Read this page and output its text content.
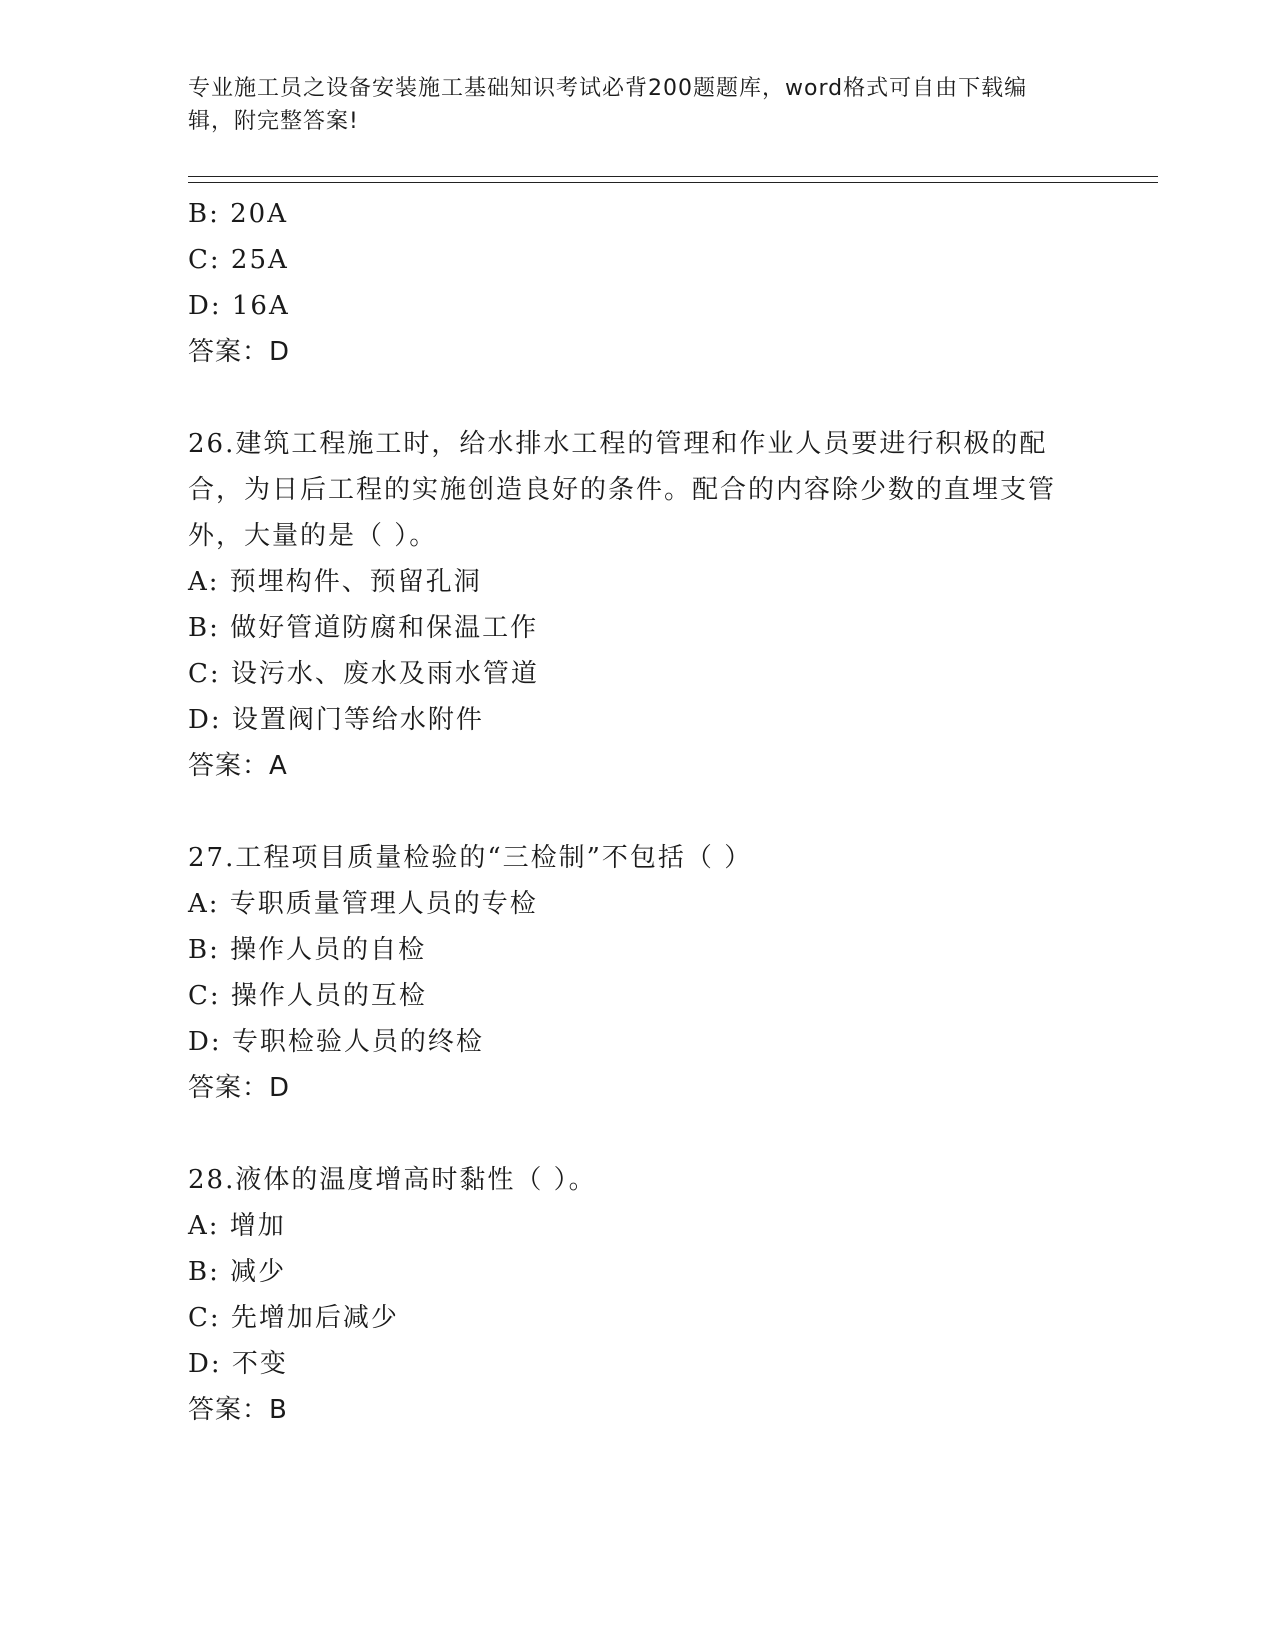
专业施工员之设备安装施工基础知识考试必背200题题库，word格式可自由下载编辑，附完整答案!

B: 20A

C: 25A

D: 16A

答案：D

26.建筑工程施工时，给水排水工程的管理和作业人员要进行积极的配合，为日后工程的实施创造良好的条件。配合的内容除少数的直埋支管外，大量的是（ ）。

A: 预埋构件、预留孔洞

B: 做好管道防腐和保温工作

C: 设污水、废水及雨水管道

D: 设置阀门等给水附件

答案：A

27.工程项目质量检验的“三检制”不包括（ ）

A: 专职质量管理人员的专检

B: 操作人员的自检

C: 操作人员的互检

D: 专职检验人员的终检

答案：D

28.液体的温度增高时黏性（ ）。

A: 增加

B: 减少

C: 先增加后减少

D: 不变

答案：B
